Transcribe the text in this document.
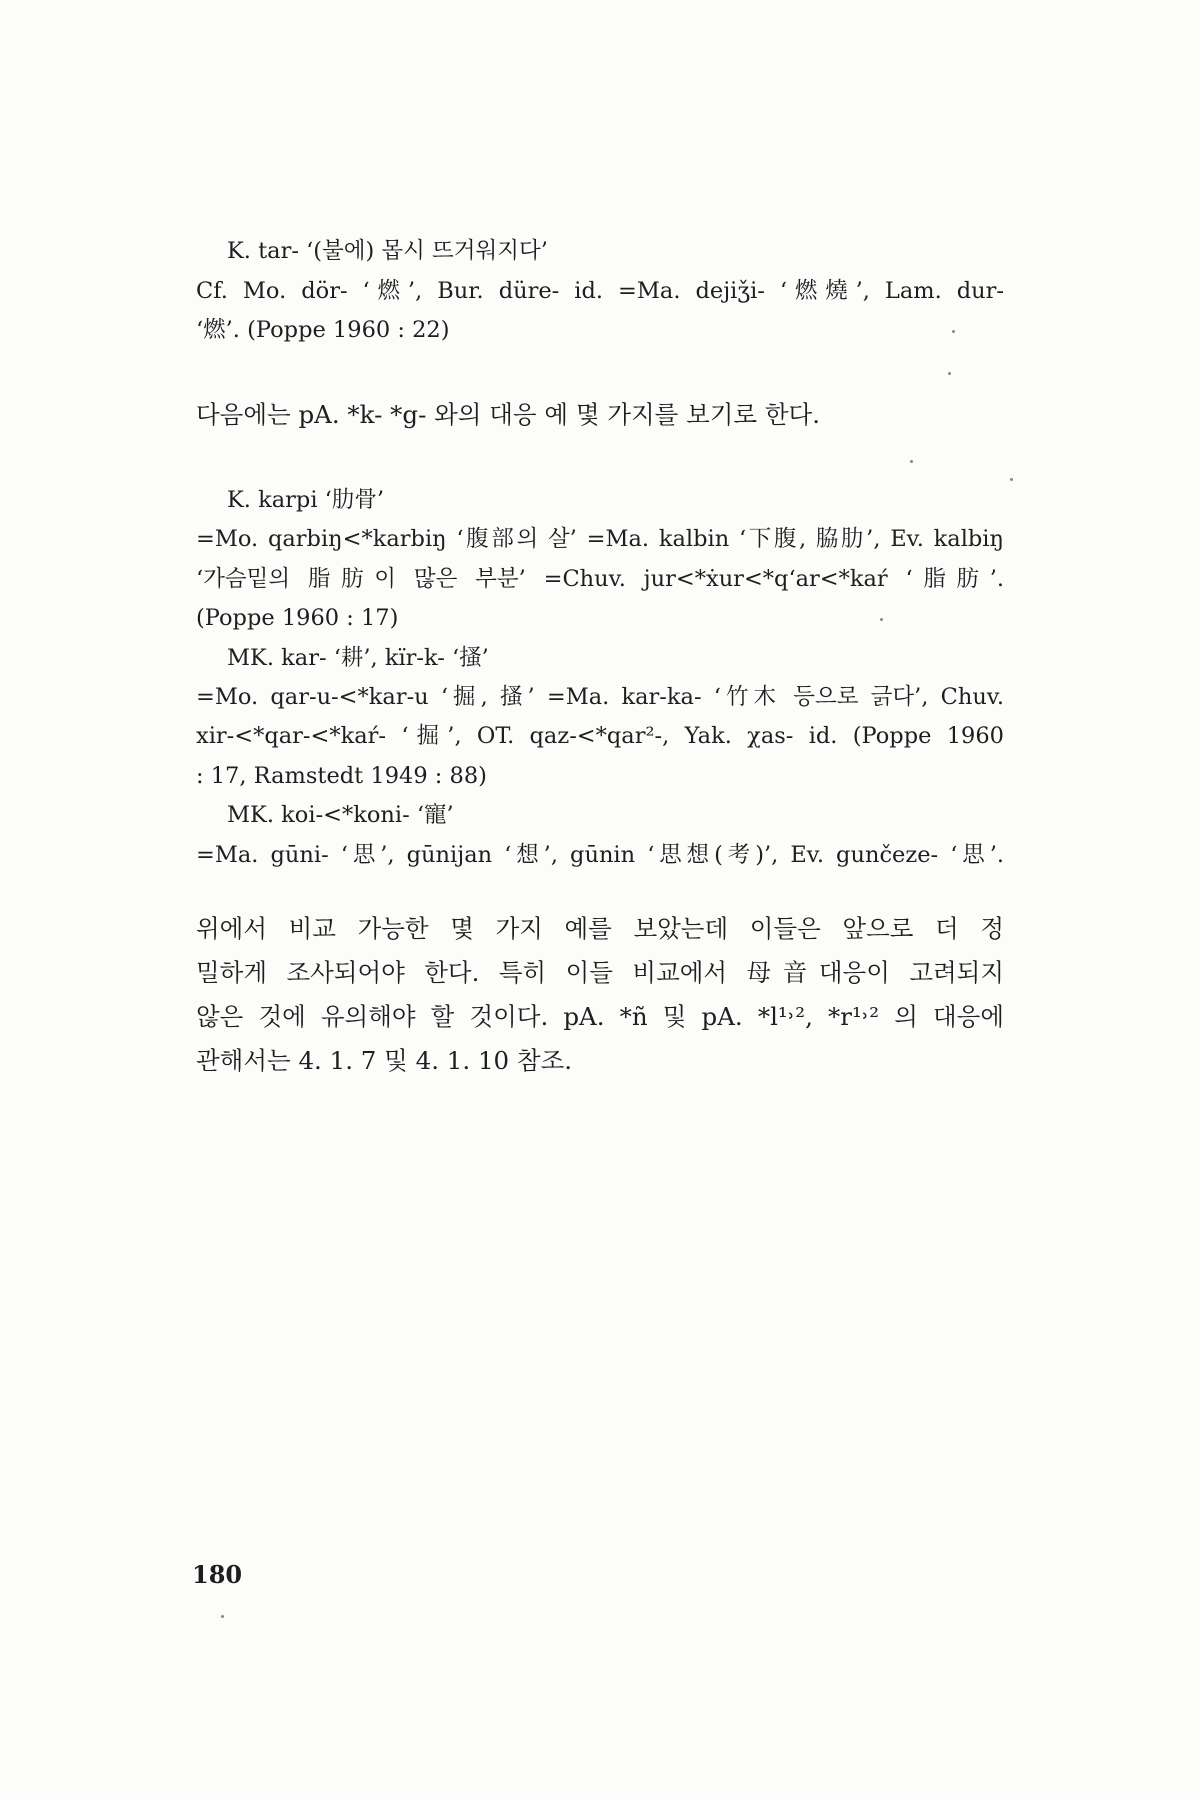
K. tar- ‘(불에) 몹시 뜨거워지다’
Cf. Mo. dör- ‘燃’, Bur. düre- id. =Ma. dejiǯi- ‘燃燒’, Lam. dur-
‘燃’. (Poppe 1960 : 22)
다음에는 pA. *k- *g- 와의 대응 예 몇 가지를 보기로 한다.
K. karpi ‘肋骨’
=Mo. qarbiŋ<*karbiŋ ‘腹部의 살’ =Ma. kalbin ‘下腹, 脇肋’, Ev. kalbiŋ
‘가슴밑의 脂肪이 많은 부분’ =Chuv. jur<*ẋur<*qʻar<*kaŕ ‘脂肪’.
(Poppe 1960 : 17)
MK. kar- ‘耕’, kïr-k- ‘搔’
=Mo. qar-u-<*kar-u ‘掘, 搔’ =Ma. kar-ka- ‘竹木 등으로 긁다’, Chuv.
xir-<*qar-<*kaŕ- ‘掘’, OT. qaz-<*qar²-, Yak. χas- id. (Poppe 1960
: 17, Ramstedt 1949 : 88)
MK. koi-<*koni- ‘寵’
=Ma. gūni- ‘思’, gūnijan ‘想’, gūnin ‘思想(考)’, Ev. gunčeze- ‘思’.
위에서 비교 가능한 몇 가지 예를 보았는데 이들은 앞으로 더 정
밀하게 조사되어야 한다. 특히 이들 비교에서 母音대응이 고려되지
않은 것에 유의해야 할 것이다. pA. *ñ 및 pA. *l¹˒², *r¹˒² 의 대응에
관해서는 4. 1. 7 및 4. 1. 10 참조.
180
